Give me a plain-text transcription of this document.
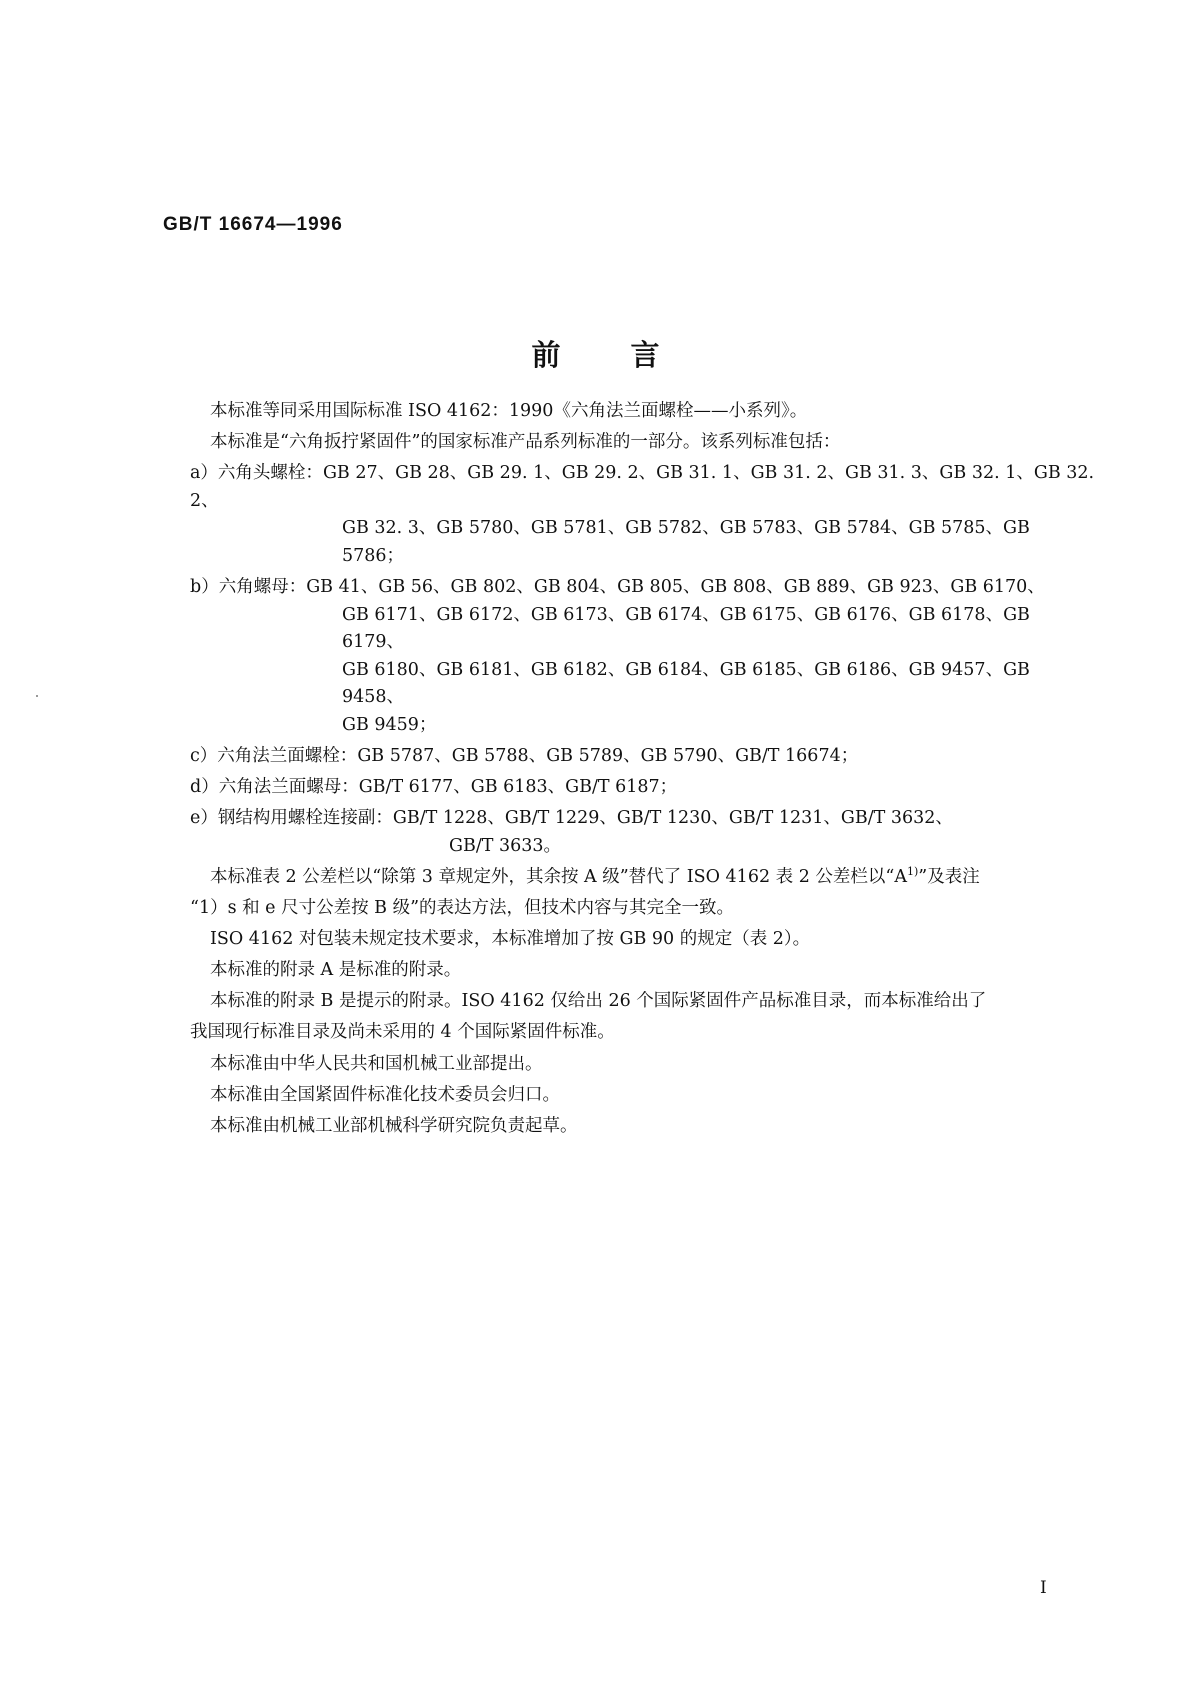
GB/T 16674—1996
前 言
本标准等同采用国际标准 ISO 4162：1990《六角法兰面螺栓——小系列》。
本标准是“六角扳拧紧固件”的国家标准产品系列标准的一部分。该系列标准包括：
a）六角头螺栓：GB 27、GB 28、GB 29. 1、GB 29. 2、GB 31. 1、GB 31. 2、GB 31. 3、GB 32. 1、GB 32. 2、
GB 32. 3、GB 5780、GB 5781、GB 5782、GB 5783、GB 5784、GB 5785、GB 5786；
b）六角螺母：GB 41、GB 56、GB 802、GB 804、GB 805、GB 808、GB 889、GB 923、GB 6170、
GB 6171、GB 6172、GB 6173、GB 6174、GB 6175、GB 6176、GB 6178、GB 6179、
GB 6180、GB 6181、GB 6182、GB 6184、GB 6185、GB 6186、GB 9457、GB 9458、
GB 9459；
c）六角法兰面螺栓：GB 5787、GB 5788、GB 5789、GB 5790、GB/T 16674；
d）六角法兰面螺母：GB/T 6177、GB 6183、GB/T 6187；
e）钢结构用螺栓连接副：GB/T 1228、GB/T 1229、GB/T 1230、GB/T 1231、GB/T 3632、
GB/T 3633。
本标准表 2 公差栏以“除第 3 章规定外，其余按 A 级”替代了 ISO 4162 表 2 公差栏以“$A^{1)}$”及表注
“1）s 和 e 尺寸公差按 B 级”的表达方法，但技术内容与其完全一致。
ISO 4162 对包装未规定技术要求，本标准增加了按 GB 90 的规定（表 2）。
本标准的附录 A 是标准的附录。
本标准的附录 B 是提示的附录。ISO 4162 仅给出 26 个国际紧固件产品标准目录，而本标准给出了
我国现行标准目录及尚未采用的 4 个国际紧固件标准。
本标准由中华人民共和国机械工业部提出。
本标准由全国紧固件标准化技术委员会归口。
本标准由机械工业部机械科学研究院负责起草。
I
